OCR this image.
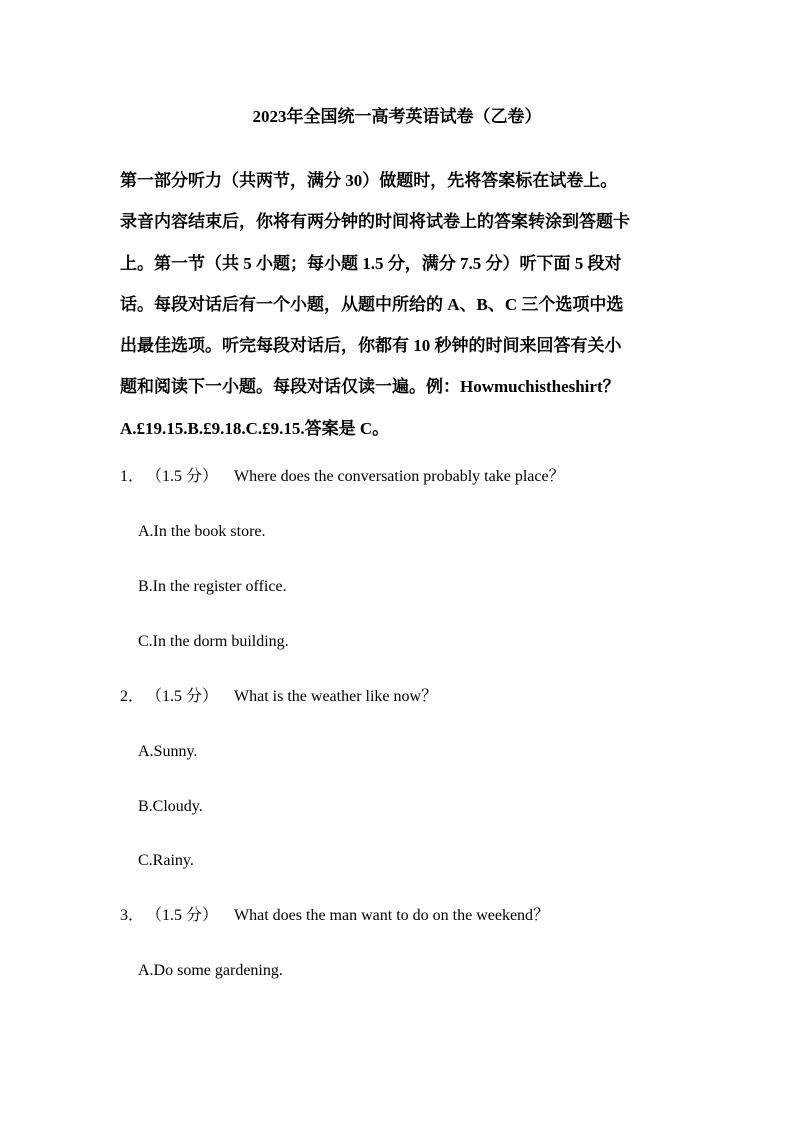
2023年全国统一高考英语试卷（乙卷）
第一部分听力（共两节，满分 30）做题时，先将答案标在试卷上。
录音内容结束后，你将有两分钟的时间将试卷上的答案转涂到答题卡
上。第一节（共 5 小题；每小题 1.5 分，满分 7.5 分）听下面 5 段对
话。每段对话后有一个小题，从题中所给的 A、B、C 三个选项中选
出最佳选项。听完每段对话后，你都有 10 秒钟的时间来回答有关小
题和阅读下一小题。每段对话仅读一遍。例：Howmuchistheshirt？
A.£19.15.B.£9.18.C.£9.15.答案是 C。
1． （1.5 分） Where does the conversation probably take place？
A.In the book store.
B.In the register office.
C.In the dorm building.
2． （1.5 分） What is the weather like now？
A.Sunny.
B.Cloudy.
C.Rainy.
3． （1.5 分） What does the man want to do on the weekend？
A.Do some gardening.
